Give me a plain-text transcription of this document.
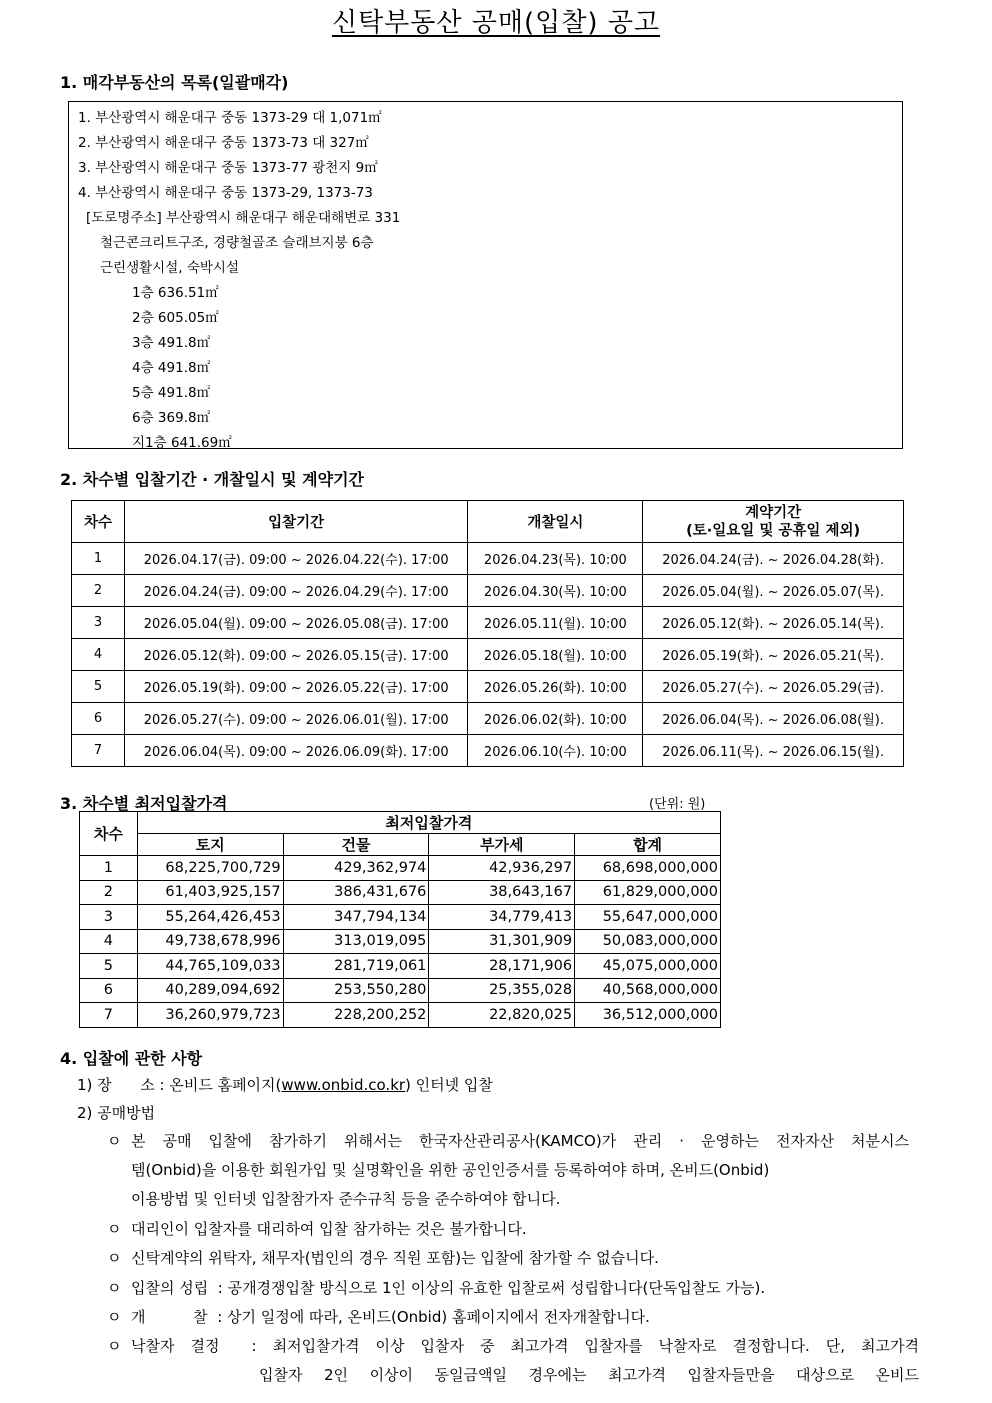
신탁부동산 공매(입찰) 공고
1. 매각부동산의 목록(일괄매각)
1. 부산광역시 해운대구 중동 1373-29 대 1,071㎡
2. 부산광역시 해운대구 중동 1373-73 대 327㎡
3. 부산광역시 해운대구 중동 1373-77 광천지 9㎡
4. 부산광역시 해운대구 중동 1373-29, 1373-73
[도로명주소] 부산광역시 해운대구 해운대해변로 331
철근콘크리트구조, 경량철골조 슬래브지붕 6층
근린생활시설, 숙박시설
1층 636.51㎡
2층 605.05㎡
3층 491.8㎡
4층 491.8㎡
5층 491.8㎡
6층 369.8㎡
지1층 641.69㎡
2. 차수별 입찰기간 · 개찰일시 및 계약기간
차수	입찰기간	개찰일시	계약기간
(토·일요일 및 공휴일 제외)

1	2026.04.17(금). 09:00 ~ 2026.04.22(수). 17:00	2026.04.23(목). 10:00	2026.04.24(금). ~ 2026.04.28(화).
2	2026.04.24(금). 09:00 ~ 2026.04.29(수). 17:00	2026.04.30(목). 10:00	2026.05.04(월). ~ 2026.05.07(목).
3	2026.05.04(월). 09:00 ~ 2026.05.08(금). 17:00	2026.05.11(월). 10:00	2026.05.12(화). ~ 2026.05.14(목).
4	2026.05.12(화). 09:00 ~ 2026.05.15(금). 17:00	2026.05.18(월). 10:00	2026.05.19(화). ~ 2026.05.21(목).
5	2026.05.19(화). 09:00 ~ 2026.05.22(금). 17:00	2026.05.26(화). 10:00	2026.05.27(수). ~ 2026.05.29(금).
6	2026.05.27(수). 09:00 ~ 2026.06.01(월). 17:00	2026.06.02(화). 10:00	2026.06.04(목). ~ 2026.06.08(월).
7	2026.06.04(목). 09:00 ~ 2026.06.09(화). 17:00	2026.06.10(수). 10:00	2026.06.11(목). ~ 2026.06.15(월).
3. 차수별 최저입찰가격	(단위: 원)
차수	최저입찰가격			
	토지	건물	부가세	합계
1	68,225,700,729	429,362,974	42,936,297	68,698,000,000
2	61,403,925,157	386,431,676	38,643,167	61,829,000,000
3	55,264,426,453	347,794,134	34,779,413	55,647,000,000
4	49,738,678,996	313,019,095	31,301,909	50,083,000,000
5	44,765,109,033	281,719,061	28,171,906	45,075,000,000
6	40,289,094,692	253,550,280	25,355,028	40,568,000,000
7	36,260,979,723	228,200,252	22,820,025	36,512,000,000
4. 입찰에 관한 사항
1) 장      소 : 온비드 홈페이지(www.onbid.co.kr) 인터넷 입찰
2) 공매방법
ㅇ 본 공매 입찰에 참가하기 위해서는 한국자산관리공사(KAMCO)가 관리 · 운영하는 전자자산 처분시스
템(Onbid)을 이용한 회원가입 및 실명확인을 위한 공인인증서를 등록하여야 하며, 온비드(Onbid)
이용방법 및 인터넷 입찰참가자 준수규칙 등을 준수하여야 합니다.
ㅇ 대리인이 입찰자를 대리하여 입찰 참가하는 것은 불가합니다.
ㅇ 신탁계약의 위탁자, 채무자(법인의 경우 직원 포함)는 입찰에 참가할 수 없습니다.
ㅇ 입찰의 성립  : 공개경쟁입찰 방식으로 1인 이상의 유효한 입찰로써 성립합니다(단독입찰도 가능).
ㅇ 개          찰  : 상기 일정에 따라, 온비드(Onbid) 홈페이지에서 전자개찰합니다.
ㅇ 낙찰자 결정  : 최저입찰가격 이상 입찰자 중 최고가격 입찰자를 낙찰자로 결정합니다. 단, 최고가격
입찰자 2인 이상이 동일금액일 경우에는 최고가격 입찰자들만을 대상으로 온비드
